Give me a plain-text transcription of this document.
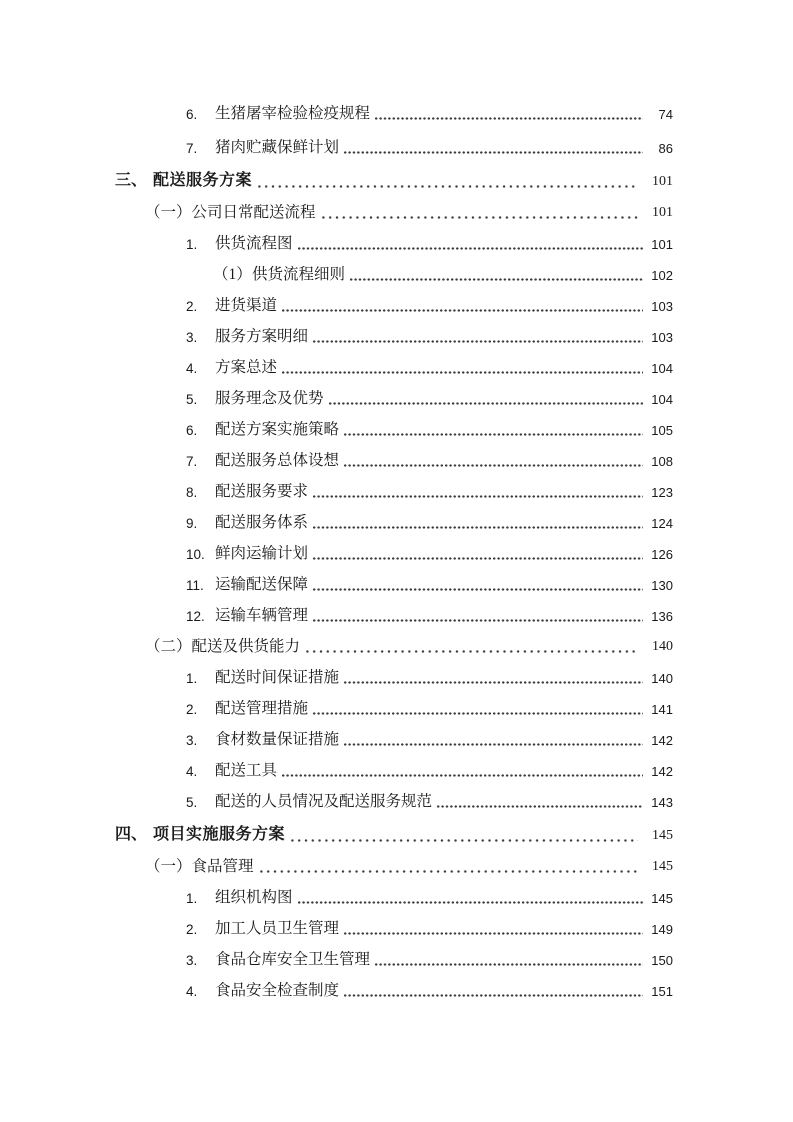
6.	生猪屠宰检验检疫规程	74
7.	猪肉贮藏保鲜计划	86
三、 配送服务方案	101
（一） 公司日常配送流程	101
1.	供货流程图	101
（1） 供货流程细则	102
2.	进货渠道	103
3.	服务方案明细	103
4.	方案总述	104
5.	服务理念及优势	104
6.	配送方案实施策略	105
7.	配送服务总体设想	108
8.	配送服务要求	123
9.	配送服务体系	124
10. 鲜肉运输计划	126
11. 运输配送保障	130
12. 运输车辆管理	136
（二） 配送及供货能力	140
1.	配送时间保证措施	140
2.	配送管理措施	141
3.	食材数量保证措施	142
4.	配送工具	142
5.	配送的人员情况及配送服务规范	143
四、 项目实施服务方案	145
（一） 食品管理	145
1.	组织机构图	145
2.	加工人员卫生管理	149
3.	食品仓库安全卫生管理	150
4.	食品安全检查制度	151
